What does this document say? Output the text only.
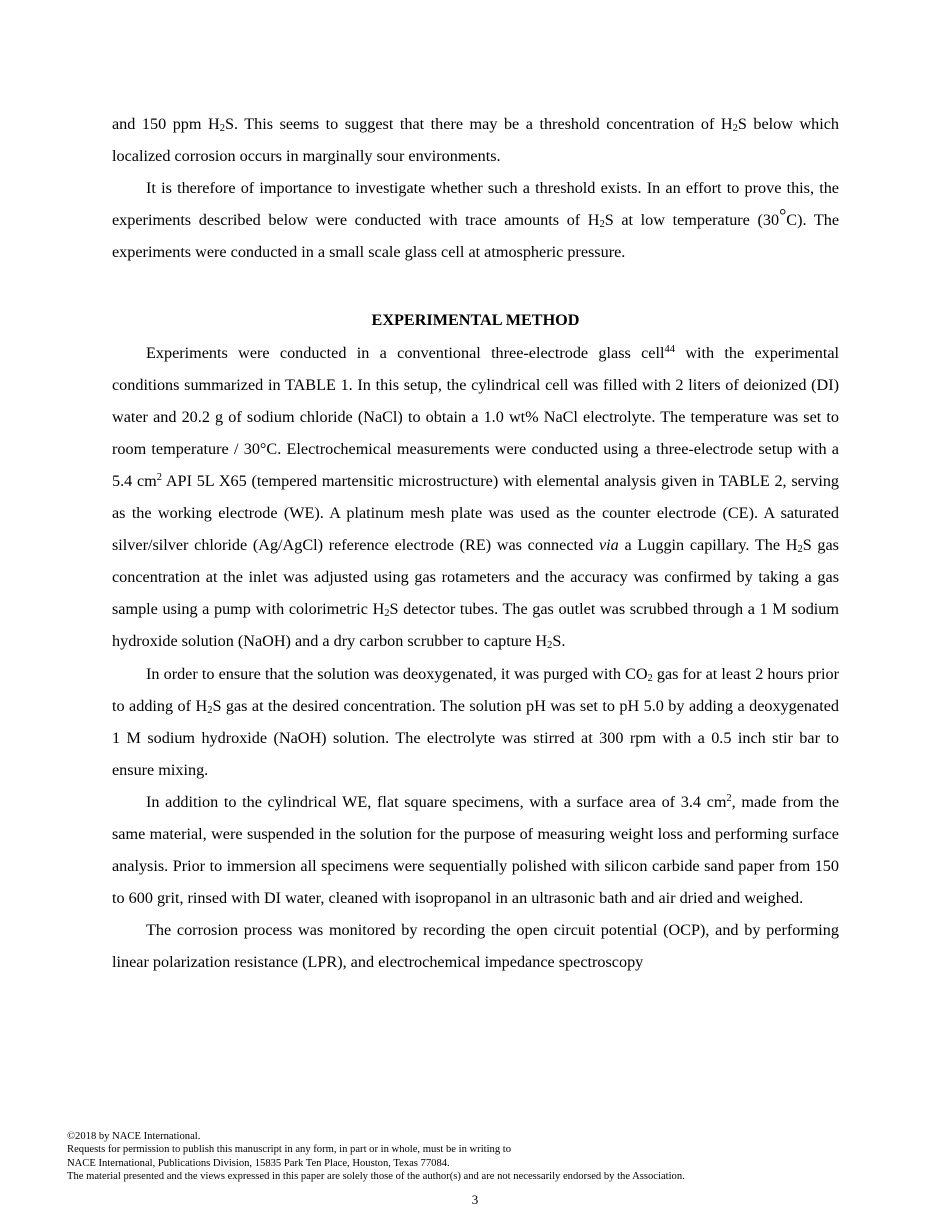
and 150 ppm $H_2S$. This seems to suggest that there may be a threshold concentration of $H_2S$ below which localized corrosion occurs in marginally sour environments.

It is therefore of importance to investigate whether such a threshold exists. In an effort to prove this, the experiments described below were conducted with trace amounts of $H_2S$ at low temperature (30°C). The experiments were conducted in a small scale glass cell at atmospheric pressure.

EXPERIMENTAL METHOD

Experiments were conducted in a conventional three-electrode glass cell$^{44}$ with the experimental conditions summarized in TABLE 1. In this setup, the cylindrical cell was filled with 2 liters of deionized (DI) water and 20.2 g of sodium chloride (NaCl) to obtain a 1.0 wt% NaCl electrolyte. The temperature was set to room temperature / 30°C. Electrochemical measurements were conducted using a three-electrode setup with a 5.4 $cm^2$ API 5L X65 (tempered martensitic microstructure) with elemental analysis given in TABLE 2, serving as the working electrode (WE). A platinum mesh plate was used as the counter electrode (CE). A saturated silver/silver chloride (Ag/AgCl) reference electrode (RE) was connected via a Luggin capillary. The $H_2S$ gas concentration at the inlet was adjusted using gas rotameters and the accuracy was confirmed by taking a gas sample using a pump with colorimetric $H_2S$ detector tubes. The gas outlet was scrubbed through a 1 M sodium hydroxide solution (NaOH) and a dry carbon scrubber to capture $H_2S$.

In order to ensure that the solution was deoxygenated, it was purged with $CO_2$ gas for at least 2 hours prior to adding of $H_2S$ gas at the desired concentration. The solution pH was set to pH 5.0 by adding a deoxygenated 1 M sodium hydroxide (NaOH) solution. The electrolyte was stirred at 300 rpm with a 0.5 inch stir bar to ensure mixing.

In addition to the cylindrical WE, flat square specimens, with a surface area of 3.4 $cm^2$, made from the same material, were suspended in the solution for the purpose of measuring weight loss and performing surface analysis. Prior to immersion all specimens were sequentially polished with silicon carbide sand paper from 150 to 600 grit, rinsed with DI water, cleaned with isopropanol in an ultrasonic bath and air dried and weighed.

The corrosion process was monitored by recording the open circuit potential (OCP), and by performing linear polarization resistance (LPR), and electrochemical impedance spectroscopy

©2018 by NACE International.
Requests for permission to publish this manuscript in any form, in part or in whole, must be in writing to
NACE International, Publications Division, 15835 Park Ten Place, Houston, Texas 77084.
The material presented and the views expressed in this paper are solely those of the author(s) and are not necessarily endorsed by the Association.
3
